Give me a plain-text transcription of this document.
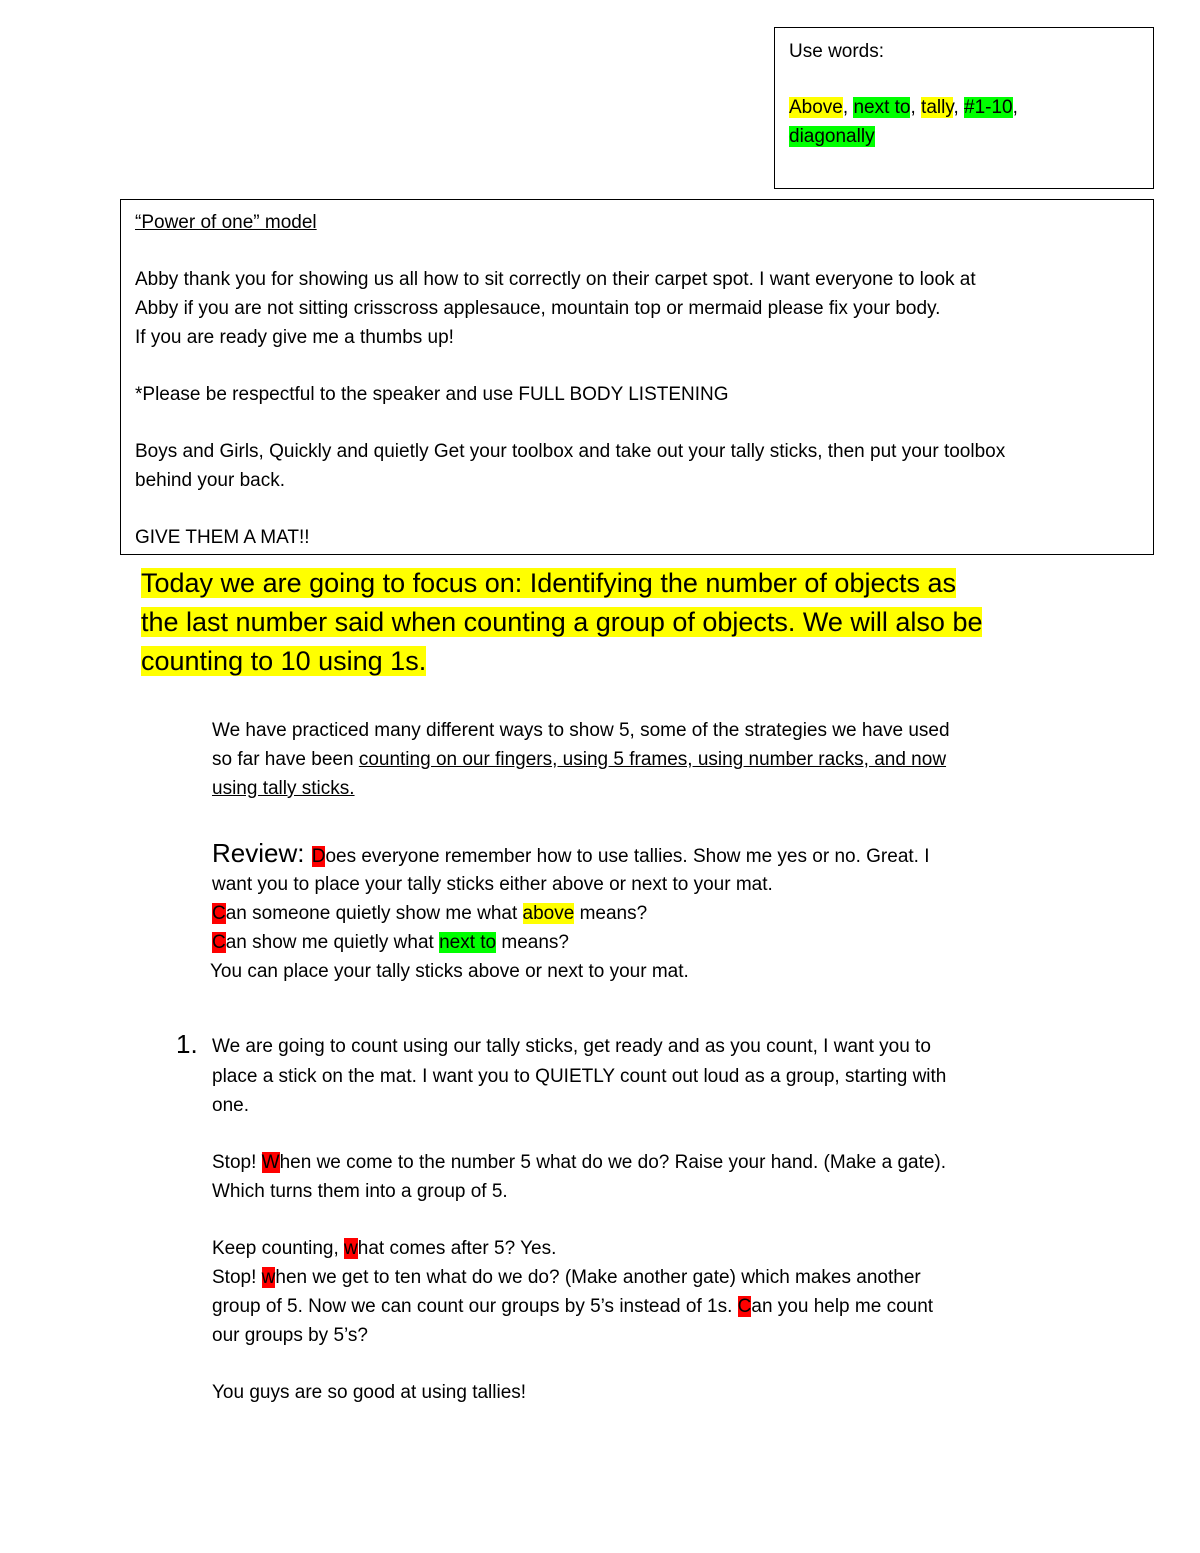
Use words:
Above, next to, tally, #1-10,
diagonally
“Power of one” model
Abby thank you for showing us all how to sit correctly on their carpet spot. I want everyone to look at
Abby if you are not sitting crisscross applesauce, mountain top or mermaid please fix your body.
If you are ready give me a thumbs up!
*Please be respectful to the speaker and use FULL BODY LISTENING
Boys and Girls, Quickly and quietly Get your toolbox and take out your tally sticks, then put your toolbox
behind your back.
GIVE THEM A MAT!!
Today we are going to focus on: Identifying the number of objects as
the last number said when counting a group of objects. We will also be
counting to 10 using 1s.
We have practiced many different ways to show 5, some of the strategies we have used
so far have been counting on our fingers, using 5 frames, using number racks, and now
using tally sticks.
Review: Does everyone remember how to use tallies. Show me yes or no. Great. I
want you to place your tally sticks either above or next to your mat.
Can someone quietly show me what above means?
Can show me quietly what next to means?
You can place your tally sticks above or next to your mat.
1. We are going to count using our tally sticks, get ready and as you count, I want you to
place a stick on the mat. I want you to QUIETLY count out loud as a group, starting with
one.
Stop! When we come to the number 5 what do we do? Raise your hand. (Make a gate).
Which turns them into a group of 5.
Keep counting, what comes after 5? Yes.
Stop! when we get to ten what do we do? (Make another gate) which makes another
group of 5. Now we can count our groups by 5’s instead of 1s. Can you help me count
our groups by 5’s?
You guys are so good at using tallies!
